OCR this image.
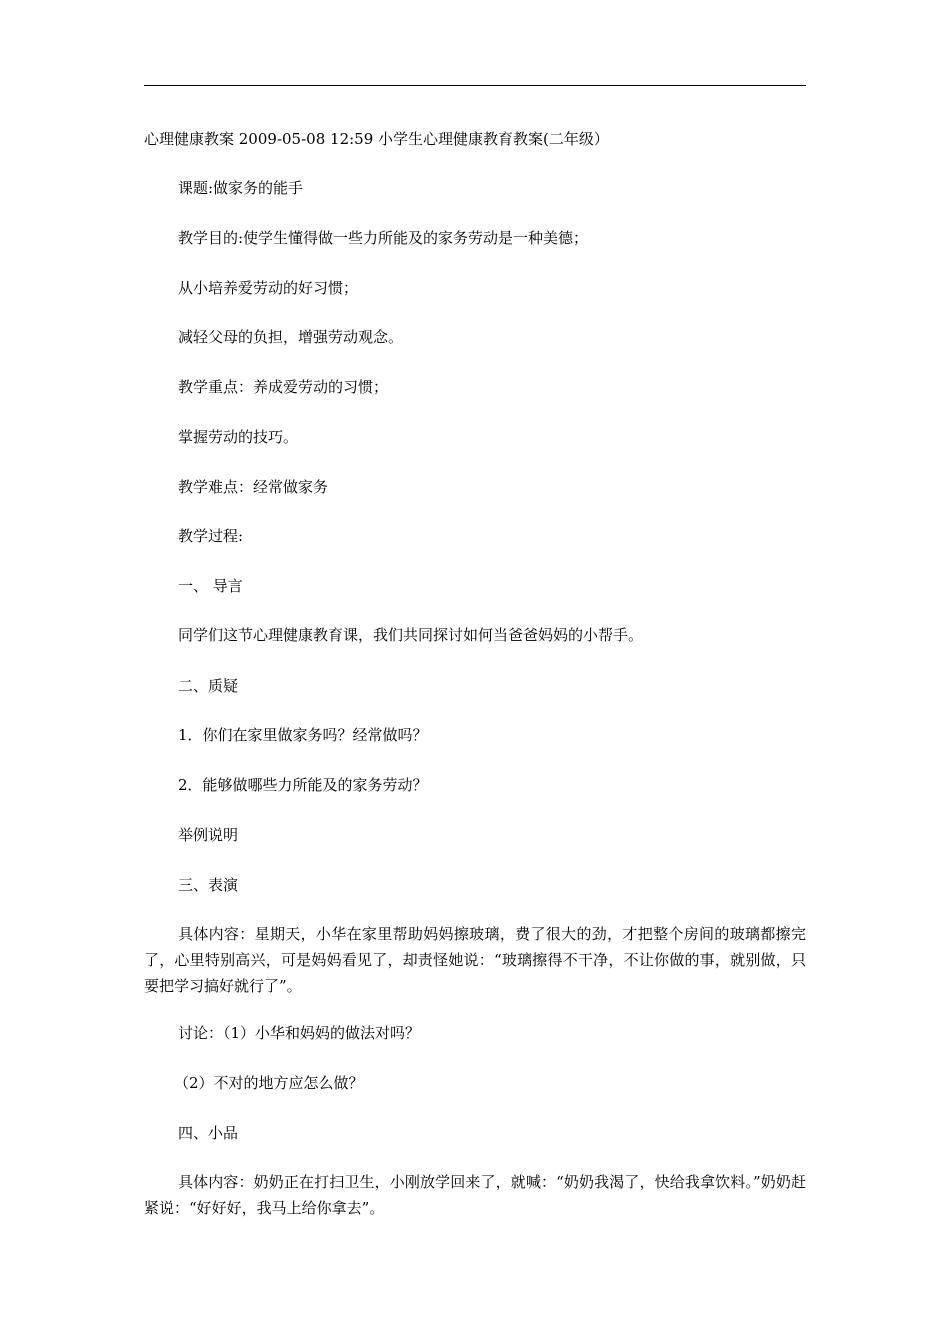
心理健康教案 2009-05-08 12:59 小学生心理健康教育教案(二年级）
课题:做家务的能手
教学目的:使学生懂得做一些力所能及的家务劳动是一种美德；
从小培养爱劳动的好习惯；
减轻父母的负担，增强劳动观念。
教学重点：养成爱劳动的习惯；
掌握劳动的技巧。
教学难点：经常做家务
教学过程:
一、 导言
同学们这节心理健康教育课，我们共同探讨如何当爸爸妈妈的小帮手。
二、质疑
1．你们在家里做家务吗？经常做吗？
2．能够做哪些力所能及的家务劳动？
举例说明
三、表演
具体内容：星期天，小华在家里帮助妈妈擦玻璃，费了很大的劲，才把整个房间的玻璃都擦完了，心里特别高兴，可是妈妈看见了，却责怪她说：“玻璃擦得不干净，不让你做的事，就别做，只要把学习搞好就行了”。
讨论：（1）小华和妈妈的做法对吗？
（2）不对的地方应怎么做？
四、小品
具体内容：奶奶正在打扫卫生，小刚放学回来了，就喊：“奶奶我渴了，快给我拿饮料。”奶奶赶紧说：“好好好，我马上给你拿去”。
